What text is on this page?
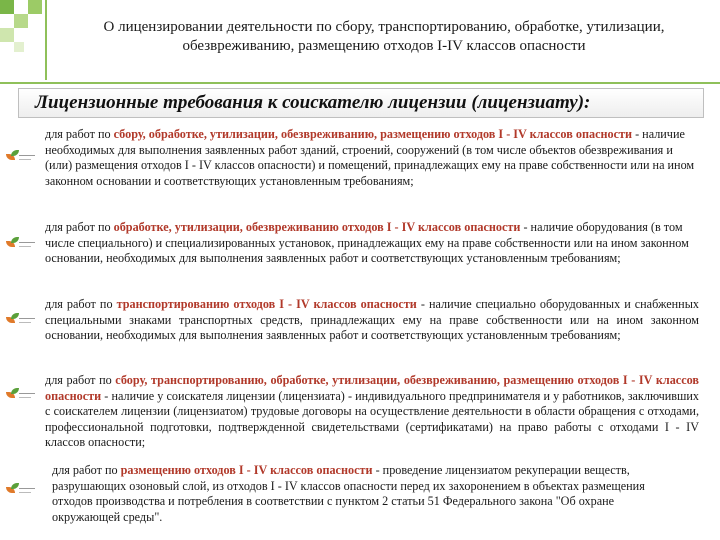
О лицензировании деятельности по сбору, транспортированию, обработке, утилизации,
обезвреживанию, размещению отходов I-IV классов опасности
Лицензионные требования к соискателю лицензии (лицензиату):
для работ по сбору, обработке, утилизации, обезвреживанию, размещению отходов I - IV классов опасности - наличие необходимых для выполнения заявленных работ зданий, строений, сооружений (в том числе объектов обезвреживания и (или) размещения отходов I - IV классов опасности) и помещений, принадлежащих ему на праве собственности или на ином законном основании и соответствующих установленным требованиям;
для работ по обработке, утилизации, обезвреживанию отходов I - IV классов опасности - наличие оборудования (в том числе специального) и специализированных установок, принадлежащих ему на праве собственности или на ином законном основании, необходимых для выполнения заявленных работ и соответствующих установленным требованиям;
для работ по транспортированию отходов I - IV классов опасности - наличие специально оборудованных и снабженных специальными знаками транспортных средств, принадлежащих ему на праве собственности или на ином законном основании, необходимых для выполнения заявленных работ и соответствующих установленным требованиям;
для работ по сбору, транспортированию, обработке, утилизации, обезвреживанию, размещению отходов I - IV классов опасности - наличие у соискателя лицензии (лицензиата) - индивидуального предпринимателя и у работников, заключивших с соискателем лицензии (лицензиатом) трудовые договоры на осуществление деятельности в области обращения с отходами, профессиональной подготовки, подтвержденной свидетельствами (сертификатами) на право работы с отходами I - IV классов опасности;
для работ по размещению отходов I - IV классов опасности - проведение лицензиатом рекуперации веществ, разрушающих озоновый слой, из отходов I - IV классов опасности перед их захоронением в объектах размещения отходов производства и потребления в соответствии с пунктом 2 статьи 51 Федерального закона "Об охране окружающей среды".
